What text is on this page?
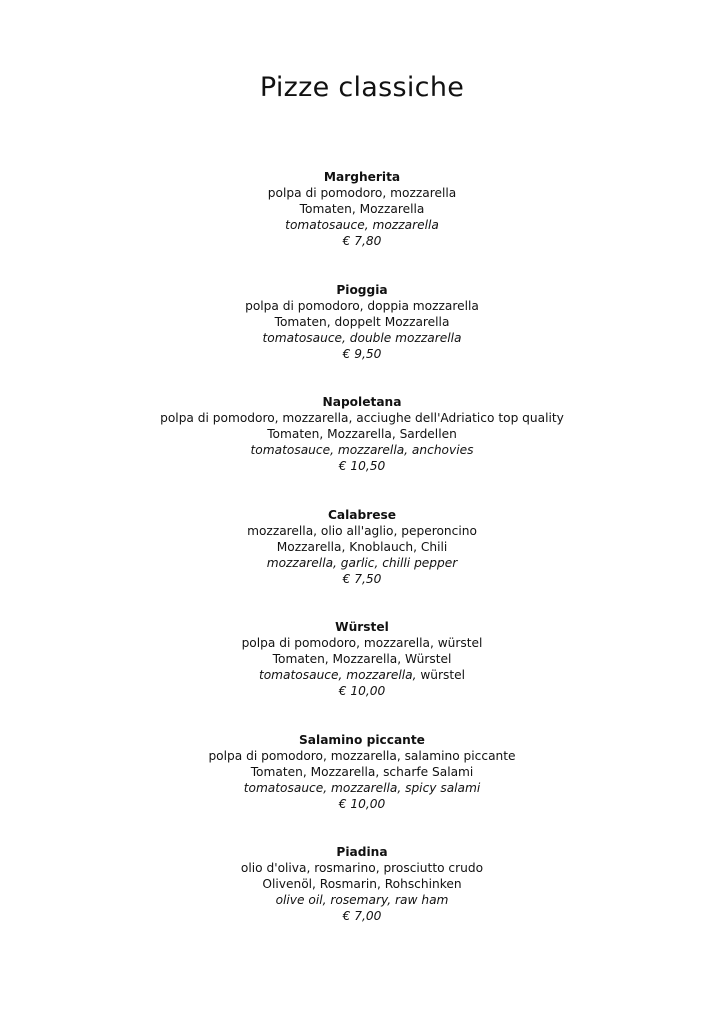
Pizze classiche
Margherita
polpa di pomodoro, mozzarella
Tomaten, Mozzarella
tomatosauce, mozzarella
€ 7,80
Pioggia
polpa di pomodoro, doppia mozzarella
Tomaten, doppelt Mozzarella
tomatosauce, double mozzarella
€ 9,50
Napoletana
polpa di pomodoro, mozzarella, acciughe dell'Adriatico top quality
Tomaten, Mozzarella, Sardellen
tomatosauce, mozzarella, anchovies
€ 10,50
Calabrese
mozzarella, olio all'aglio, peperoncino
Mozzarella, Knoblauch, Chili
mozzarella, garlic, chilli pepper
€ 7,50
Würstel
polpa di pomodoro, mozzarella, würstel
Tomaten, Mozzarella, Würstel
tomatosauce, mozzarella, würstel
€ 10,00
Salamino piccante
polpa di pomodoro, mozzarella, salamino piccante
Tomaten, Mozzarella, scharfe Salami
tomatosauce, mozzarella, spicy salami
€ 10,00
Piadina
olio d'oliva, rosmarino, prosciutto crudo
Olivenöl, Rosmarin, Rohschinken
olive oil, rosemary, raw ham
€ 7,00
